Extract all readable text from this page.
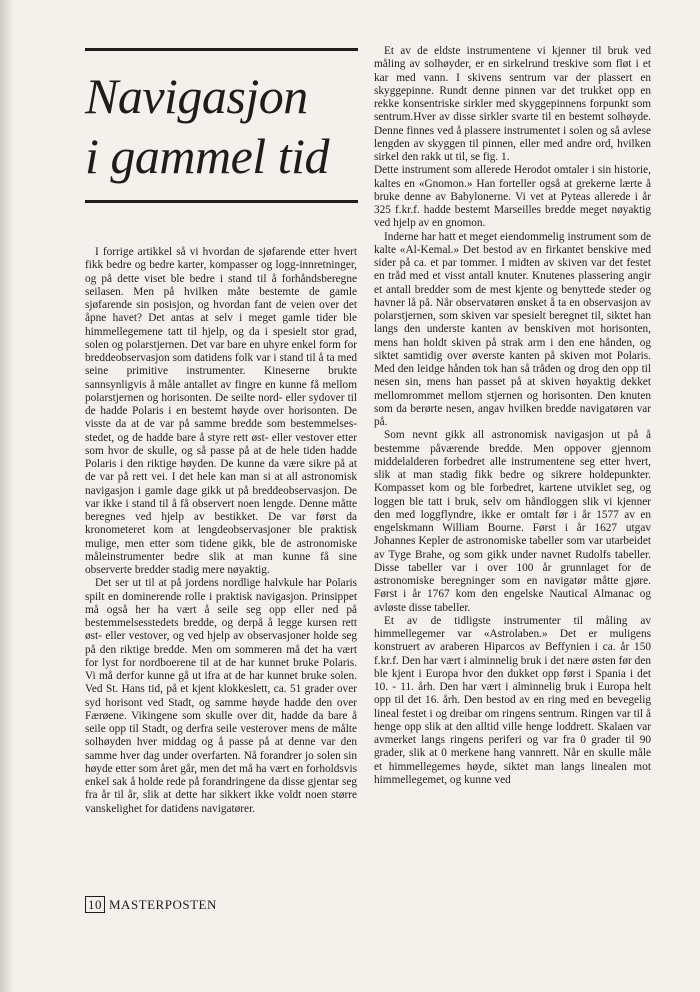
Navigasjon
i gammel tid

I forrige artikkel så vi hvordan de sjøfarende etter hvert fikk bedre og bedre karter, kompasser og logg-innretninger, og på dette viset ble bedre i stand til å forhåndsberegne seilasen. Men på hvilken måte bestemte de gamle sjøfarende sin posisjon, og hvordan fant de veien over det åpne havet? Det antas at selv i meget gamle tider ble himmellegemene tatt til hjelp, og da i spesielt stor grad, solen og polarstjernen. Det var bare en uhyre enkel form for breddeobservasjon som datidens folk var i stand til å ta med seine primitive instrumenter. Kineserne brukte sannsynligvis å måle antallet av fingre en kunne få mellom polarstjernen og horisonten. De seilte nord- eller sydover til de hadde Polaris i en bestemt høyde over horisonten. De visste da at de var på samme bredde som bestemmelses-stedet, og de hadde bare å styre rett øst- eller vestover etter som hvor de skulle, og så passe på at de hele tiden hadde Polaris i den riktige høyden. De kunne da være sikre på at de var på rett vei. I det hele kan man si at all astronomisk navigasjon i gamle dage gikk ut på breddeobservasjon. De var ikke i stand til å få observert noen lengde. Denne måtte beregnes ved hjelp av bestikket. De var først da kronometeret kom at lengdeobservasjoner ble praktisk mulige, men etter som tidene gikk, ble de astronomiske måleinstrumenter bedre slik at man kunne få sine observerte bredder stadig mere nøyaktig.

Det ser ut til at på jordens nordlige halvkule har Polaris spilt en dominerende rolle i praktisk navigasjon. Prinsippet må også her ha vært å seile seg opp eller ned på bestemmelsesstedets bredde, og derpå å legge kursen rett øst- eller vestover, og ved hjelp av observasjoner holde seg på den riktige bredde. Men om sommeren må det ha vært for lyst for nordboerene til at de har kunnet bruke Polaris. Vi må derfor kunne gå ut ifra at de har kunnet bruke solen. Ved St. Hans tid, på et kjent klokkeslett, ca. 51 grader over syd horisont ved Stadt, og samme høyde hadde den over Færøene. Vikingene som skulle over dit, hadde da bare å seile opp til Stadt, og derfra seile vesterover mens de målte solhøyden hver middag og å passe på at denne var den samme hver dag under overfarten. Nå forandrer jo solen sin høyde etter som året går, men det må ha vært en forholdsvis enkel sak å holde rede på forandringene da disse gjentar seg fra år til år, slik at dette har sikkert ikke voldt noen større vanskelighet for datidens navigatører.

Et av de eldste instrumentene vi kjenner til bruk ved måling av solhøyder, er en sirkelrund treskive som fløt i et kar med vann. I skivens sentrum var der plassert en skyggepinne. Rundt denne pinnen var det trukket opp en rekke konsentriske sirkler med skyggepinnens forpunkt som sentrum.Hver av disse sirkler svarte til en bestemt solhøyde. Denne finnes ved å plassere instrumentet i solen og så avlese lengden av skyggen til pinnen, eller med andre ord, hvilken sirkel den rakk ut til, se fig. 1.

Dette instrument som allerede Herodot omtaler i sin historie, kaltes en «Gnomon.» Han forteller også at grekerne lærte å bruke denne av Babylonerne. Vi vet at Pyteas allerede i år 325 f.kr.f. hadde bestemt Marseilles bredde meget nøyaktig ved hjelp av en gnomon.

Inderne har hatt et meget eiendommelig instrument som de kalte «Al-Kemal.» Det bestod av en firkantet benskive med sider på ca. et par tommer. I midten av skiven var det festet en tråd med et visst antall knuter. Knutenes plassering angir et antall bredder som de mest kjente og benyttede steder og havner lå på. Når observatøren ønsket å ta en observasjon av polarstjernen, som skiven var spesielt beregnet til, siktet han langs den underste kanten av benskiven mot horisonten, mens han holdt skiven på strak arm i den ene hånden, og siktet samtidig over øverste kanten på skiven mot Polaris. Med den leidge hånden tok han så tråden og drog den opp til nesen sin, mens han passet på at skiven høyaktig dekket mellomrommet mellom stjernen og horisonten. Den knuten som da berørte nesen, angav hvilken bredde navigatøren var på.

Som nevnt gikk all astronomisk navigasjon ut på å bestemme påværende bredde. Men oppover gjennom middelalderen forbedret alle instrumentene seg etter hvert, slik at man stadig fikk bedre og sikrere holdepunkter. Kompasset kom og ble forbedret, kartene utviklet seg, og loggen ble tatt i bruk, selv om håndloggen slik vi kjenner den med loggflyndre, ikke er omtalt før i år 1577 av en engelskmann William Bourne. Først i år 1627 utgav Johannes Kepler de astronomiske tabeller som var utarbeidet av Tyge Brahe, og som gikk under navnet Rudolfs tabeller. Disse tabeller var i over 100 år grunnlaget for de astronomiske beregninger som en navigatør måtte gjøre. Først i år 1767 kom den engelske Nautical Almanac og avløste disse tabeller.

Et av de tidligste instrumenter til måling av himmellegemer var «Astrolaben.» Det er muligens konstruert av araberen Hiparcos av Beffynien i ca. år 150 f.kr.f. Den har vært i alminnelig bruk i det nære østen før den ble kjent i Europa hvor den dukket opp først i Spania i det 10. - 11. årh. Den har vært i alminnelig bruk i Europa helt opp til det 16. årh. Den bestod av en ring med en bevegelig lineal festet i og dreibar om ringens sentrum. Ringen var til å henge opp slik at den alltid ville henge loddrett. Skalaen var avmerket langs ringens periferi og var fra 0 grader til 90 grader, slik at 0 merkene hang vannrett. Når en skulle måle et himmellegemes høyde, siktet man langs linealen mot himmellegemet, og kunne ved

10 MASTERPOSTEN
